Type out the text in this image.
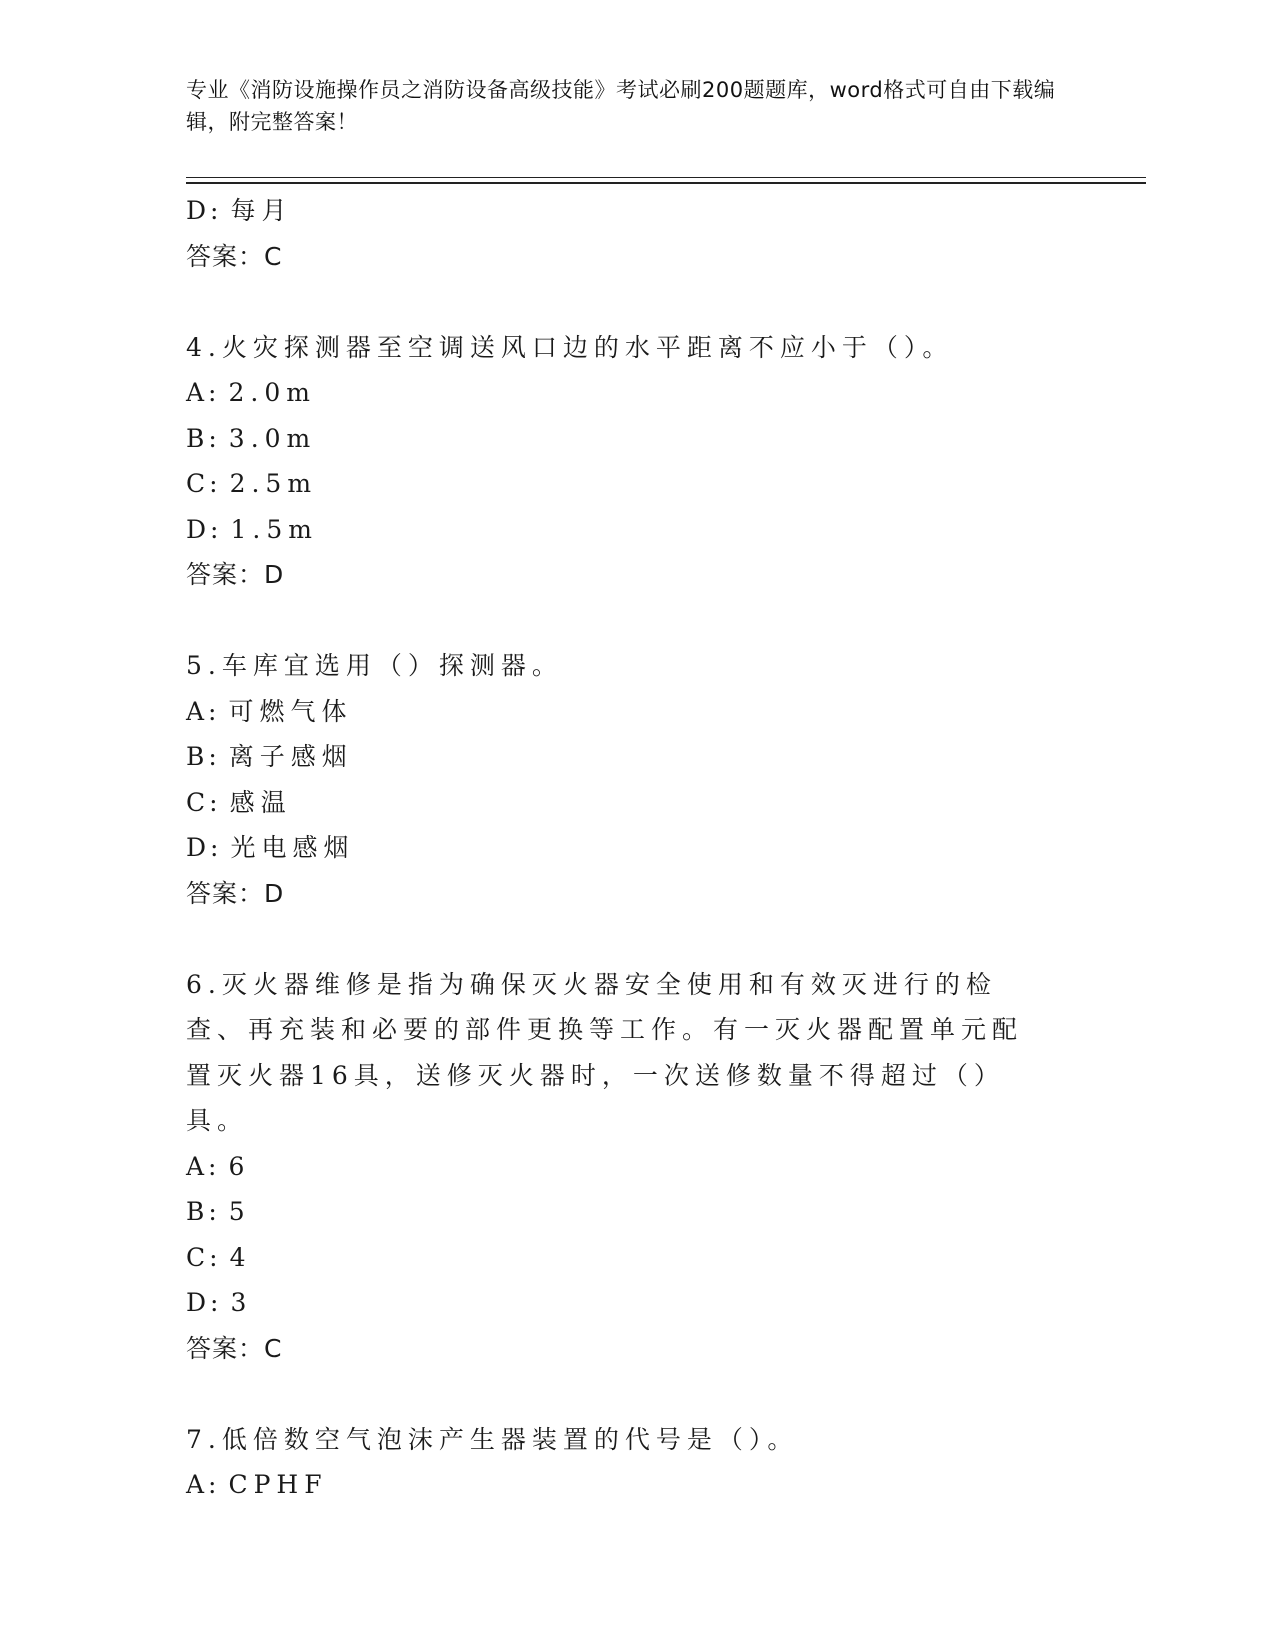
专业《消防设施操作员之消防设备高级技能》考试必刷200题题库，word格式可自由下载编辑，附完整答案！
D: 每月
答案：C
4.火灾探测器至空调送风口边的水平距离不应小于（）。
A: 2.0m
B: 3.0m
C: 2.5m
D: 1.5m
答案：D
5.车库宜选用（）探测器。
A: 可燃气体
B: 离子感烟
C: 感温
D: 光电感烟
答案：D
6.灭火器维修是指为确保灭火器安全使用和有效灭进行的检查、再充装和必要的部件更换等工作。有一灭火器配置单元配置灭火器16具，送修灭火器时，一次送修数量不得超过（）具。
A: 6
B: 5
C: 4
D: 3
答案：C
7.低倍数空气泡沫产生器装置的代号是（）。
A: CPHF
